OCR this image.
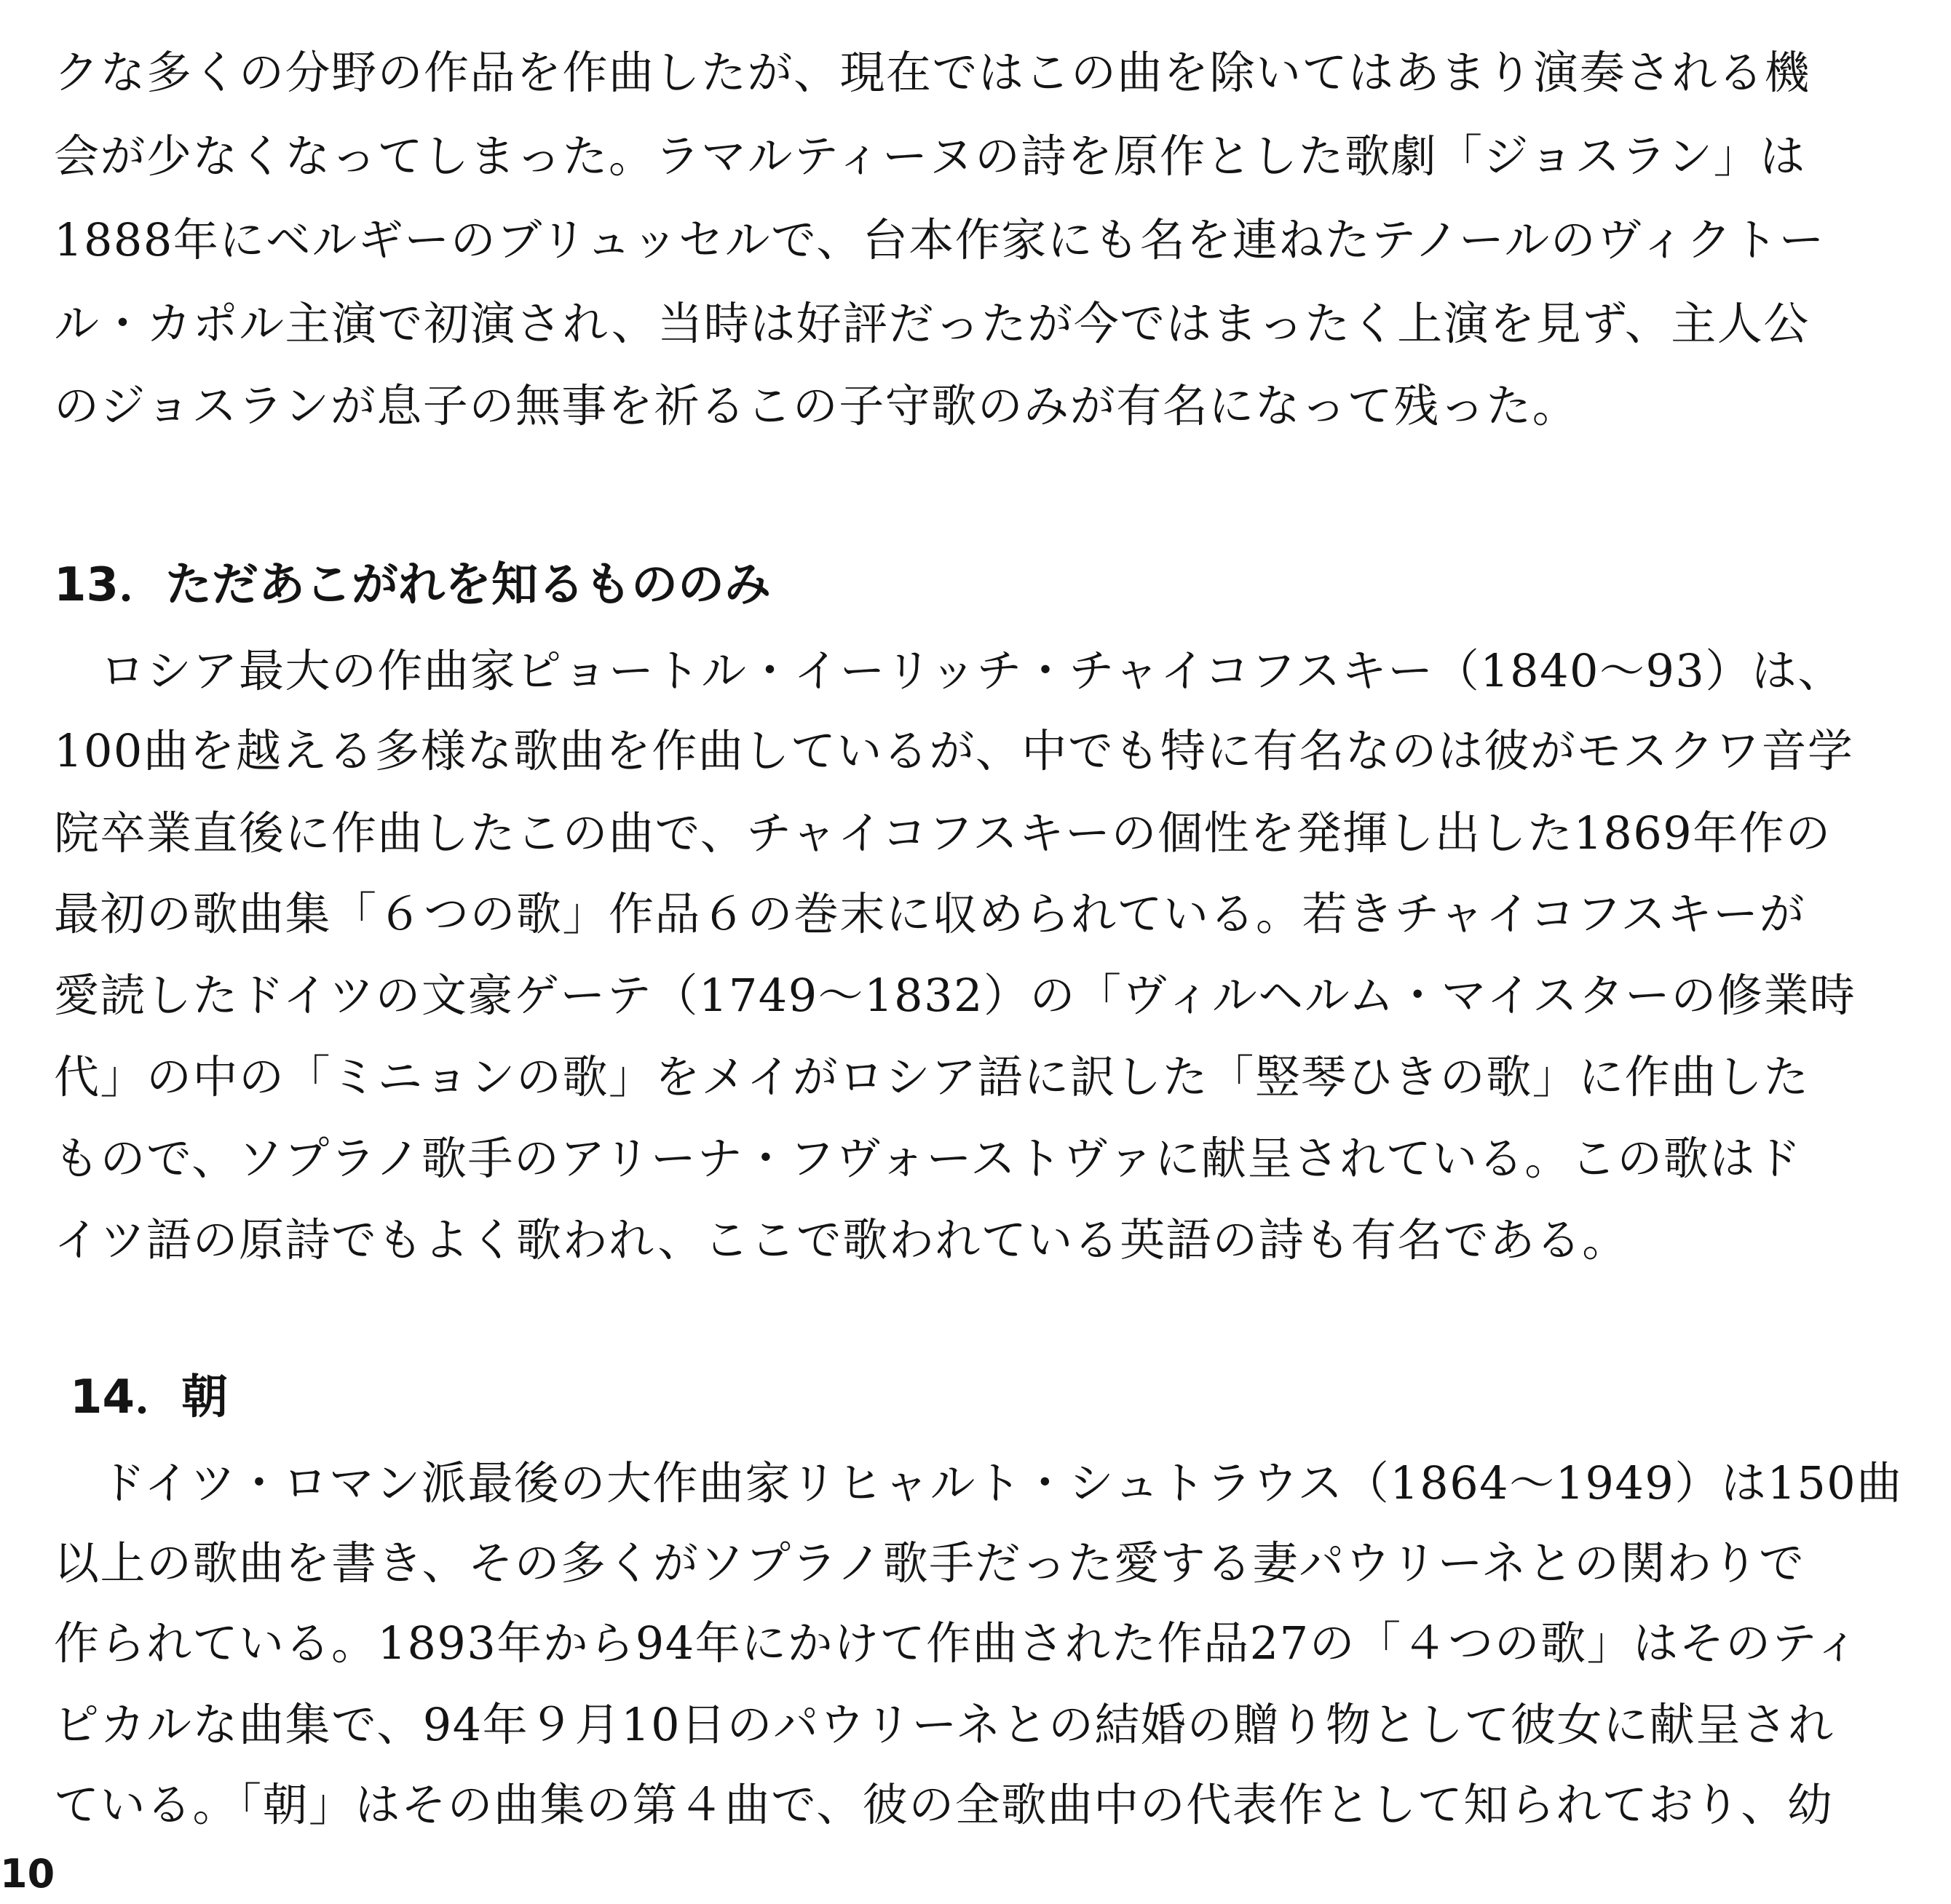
クな多くの分野の作品を作曲したが、現在ではこの曲を除いてはあまり演奏される機
会が少なくなってしまった。ラマルティーヌの詩を原作とした歌劇「ジョスラン」は
1888年にベルギーのブリュッセルで、台本作家にも名を連ねたテノールのヴィクトー
ル・カポル主演で初演され、当時は好評だったが今ではまったく上演を見ず、主人公
のジョスランが息子の無事を祈るこの子守歌のみが有名になって残った。
13．ただあこがれを知るもののみ
　ロシア最大の作曲家ピョートル・イーリッチ・チャイコフスキー（1840～93）は、
100曲を越える多様な歌曲を作曲しているが、中でも特に有名なのは彼がモスクワ音学
院卒業直後に作曲したこの曲で、チャイコフスキーの個性を発揮し出した1869年作の
最初の歌曲集「６つの歌」作品６の巻末に収められている。若きチャイコフスキーが
愛読したドイツの文豪ゲーテ（1749～1832）の「ヴィルヘルム・マイスターの修業時
代」の中の「ミニョンの歌」をメイがロシア語に訳した「竪琴ひきの歌」に作曲した
もので、ソプラノ歌手のアリーナ・フヴォーストヴァに献呈されている。この歌はド
イツ語の原詩でもよく歌われ、ここで歌われている英語の詩も有名である。
14．朝
　ドイツ・ロマン派最後の大作曲家リヒャルト・シュトラウス（1864～1949）は150曲
以上の歌曲を書き、その多くがソプラノ歌手だった愛する妻パウリーネとの関わりで
作られている。1893年から94年にかけて作曲された作品27の「４つの歌」はそのティ
ピカルな曲集で、94年９月10日のパウリーネとの結婚の贈り物として彼女に献呈され
ている。「朝」はその曲集の第４曲で、彼の全歌曲中の代表作として知られており、幼
10
